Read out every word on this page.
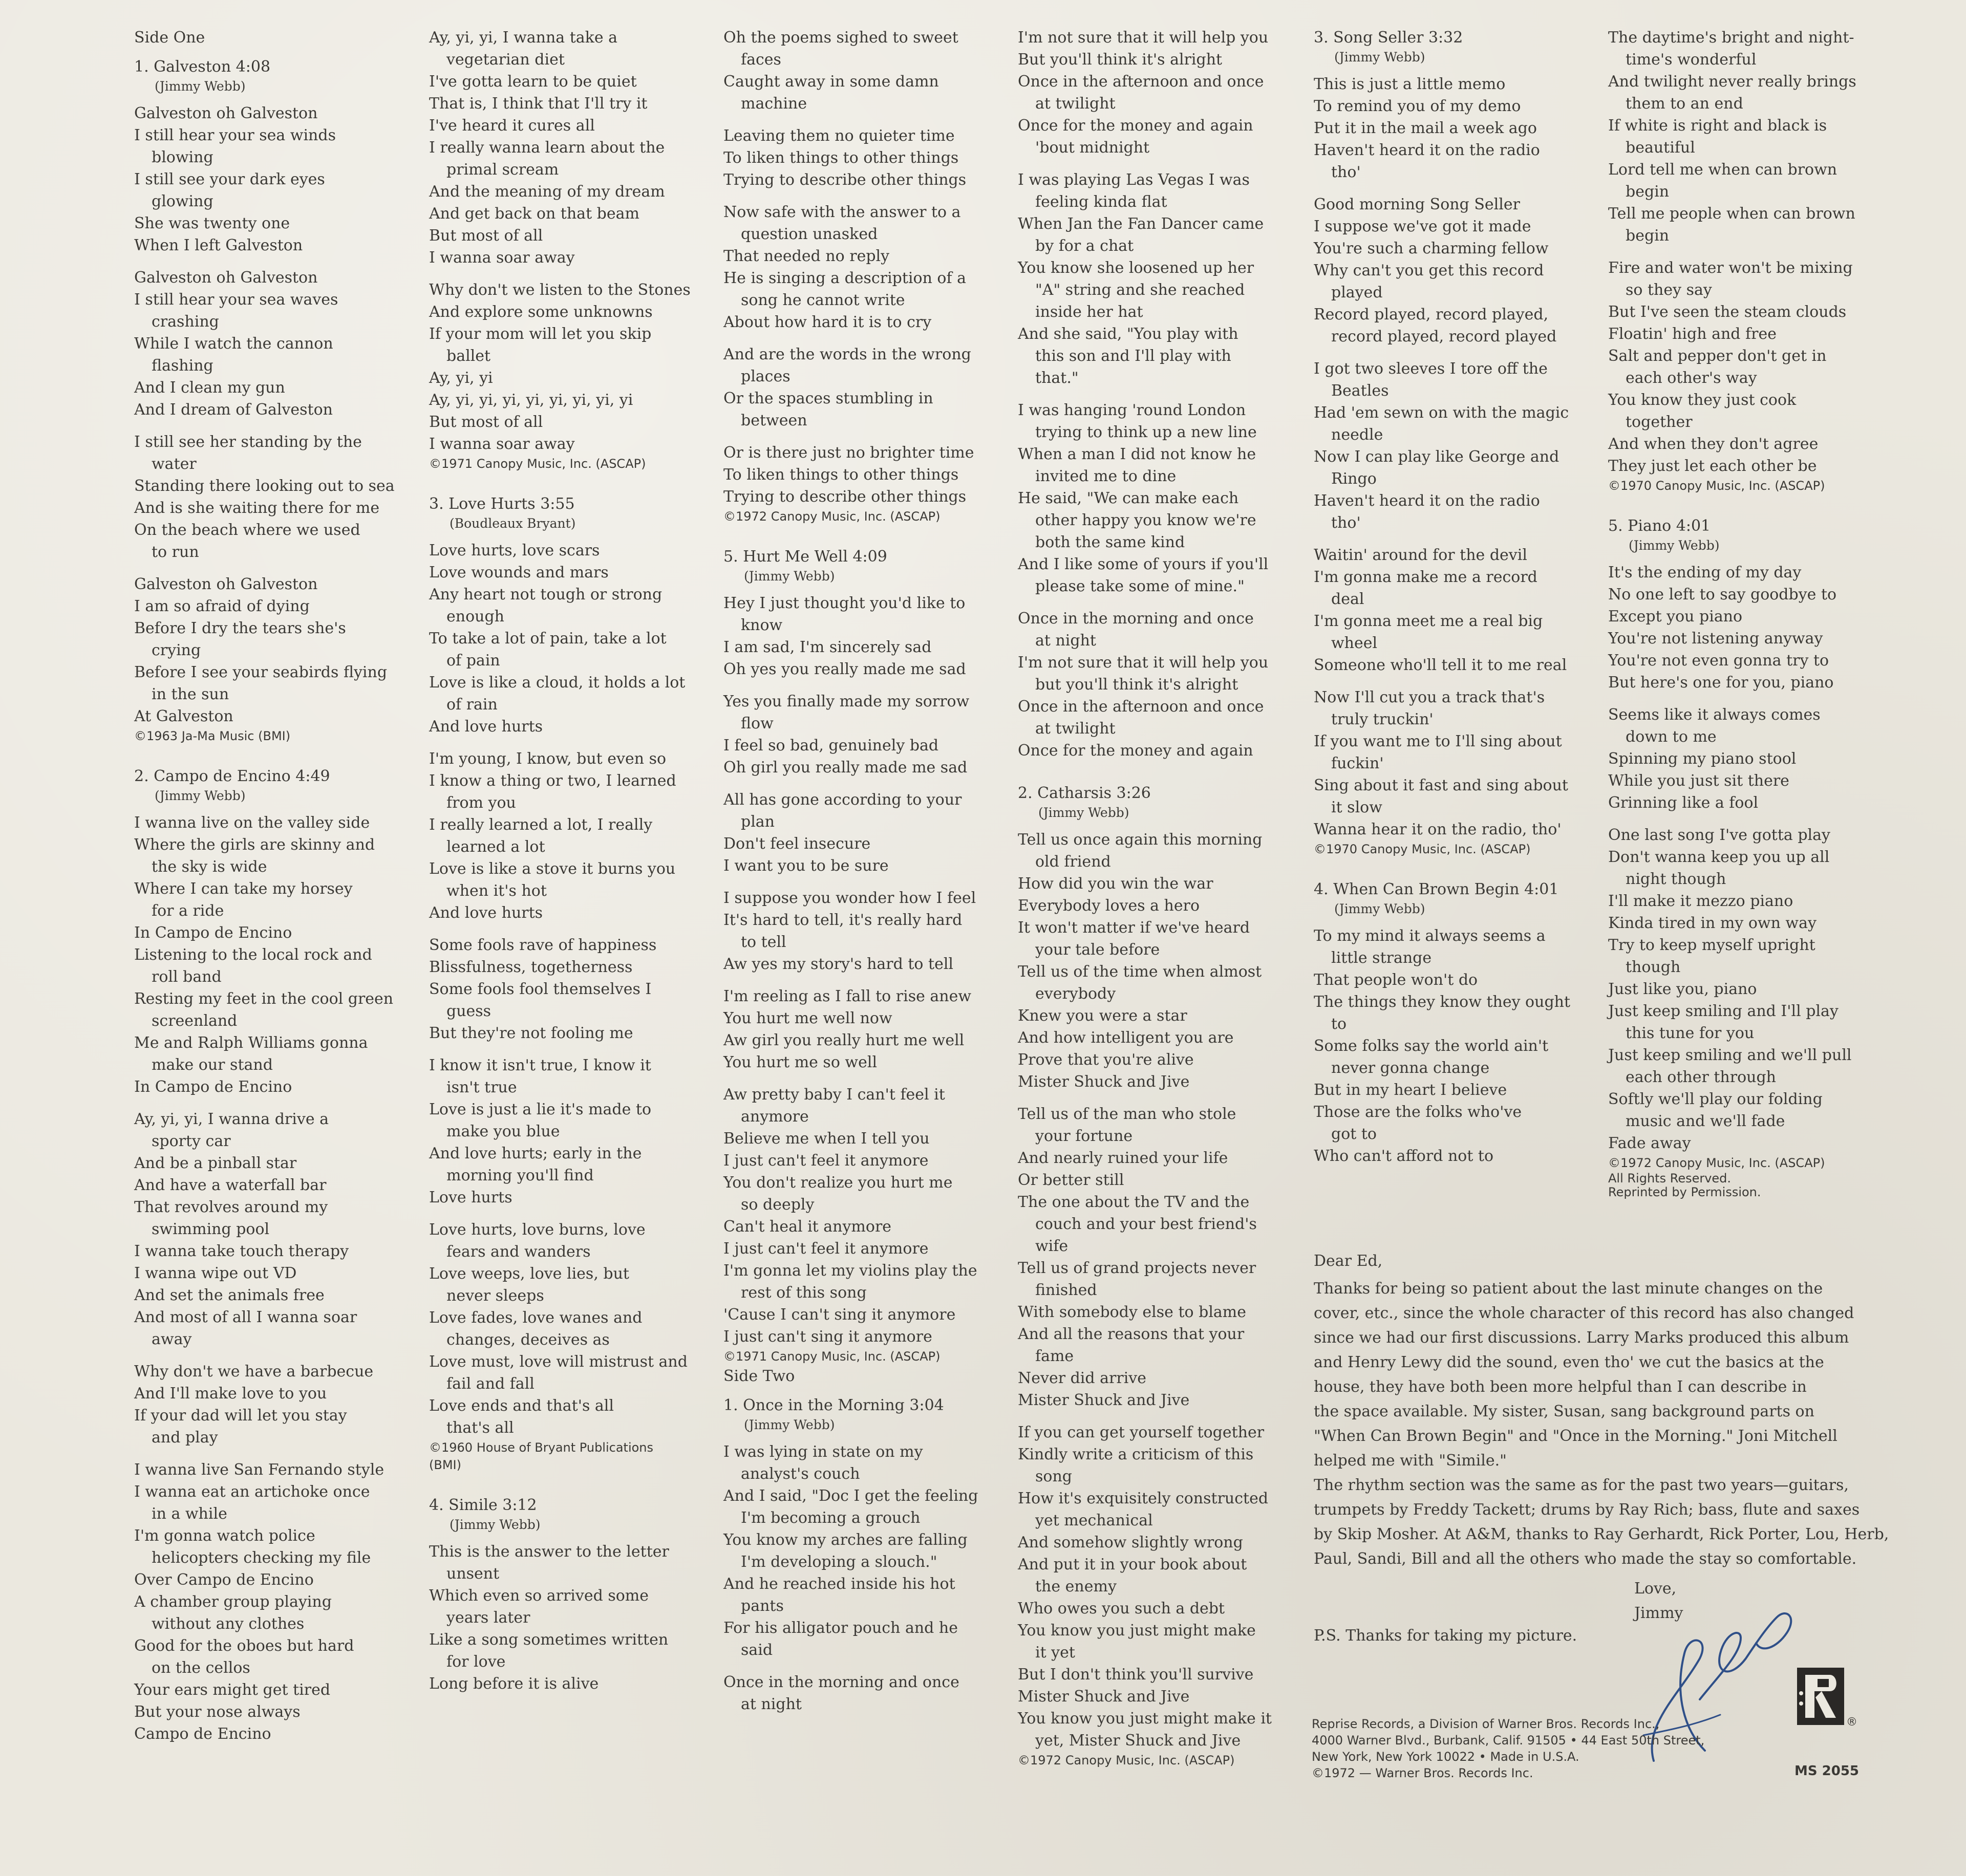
Side One

1. Galveston 4:08

(Jimmy Webb)

Galveston oh Galveston

I still hear your sea winds

blowing

I still see your dark eyes

glowing

She was twenty one

When I left Galveston

Galveston oh Galveston

I still hear your sea waves

crashing

While I watch the cannon

flashing

And I clean my gun

And I dream of Galveston

I still see her standing by the

water

Standing there looking out to sea

And is she waiting there for me

On the beach where we used

to run

Galveston oh Galveston

I am so afraid of dying

Before I dry the tears she's

crying

Before I see your seabirds flying

in the sun

At Galveston

©1963 Ja-Ma Music (BMI)

2. Campo de Encino 4:49

(Jimmy Webb)

I wanna live on the valley side

Where the girls are skinny and

the sky is wide

Where I can take my horsey

for a ride

In Campo de Encino

Listening to the local rock and

roll band

Resting my feet in the cool green

screenland

Me and Ralph Williams gonna

make our stand

In Campo de Encino

Ay, yi, yi, I wanna drive a

sporty car

And be a pinball star

And have a waterfall bar

That revolves around my

swimming pool

I wanna take touch therapy

I wanna wipe out VD

And set the animals free

And most of all I wanna soar

away

Why don't we have a barbecue

And I'll make love to you

If your dad will let you stay

and play

I wanna live San Fernando style

I wanna eat an artichoke once

in a while

I'm gonna watch police

helicopters checking my file

Over Campo de Encino

A chamber group playing

without any clothes

Good for the oboes but hard

on the cellos

Your ears might get tired

But your nose always

Campo de Encino

Ay, yi, yi, I wanna take a

vegetarian diet

I've gotta learn to be quiet

That is, I think that I'll try it

I've heard it cures all

I really wanna learn about the

primal scream

And the meaning of my dream

And get back on that beam

But most of all

I wanna soar away

Why don't we listen to the Stones

And explore some unknowns

If your mom will let you skip

ballet

Ay, yi, yi

Ay, yi, yi, yi, yi, yi, yi, yi, yi

But most of all

I wanna soar away

©1971 Canopy Music, Inc. (ASCAP)

3. Love Hurts 3:55

(Boudleaux Bryant)

Love hurts, love scars

Love wounds and mars

Any heart not tough or strong

enough

To take a lot of pain, take a lot

of pain

Love is like a cloud, it holds a lot

of rain

And love hurts

I'm young, I know, but even so

I know a thing or two, I learned

from you

I really learned a lot, I really

learned a lot

Love is like a stove it burns you

when it's hot

And love hurts

Some fools rave of happiness

Blissfulness, togetherness

Some fools fool themselves I

guess

But they're not fooling me

I know it isn't true, I know it

isn't true

Love is just a lie it's made to

make you blue

And love hurts; early in the

morning you'll find

Love hurts

Love hurts, love burns, love

fears and wanders

Love weeps, love lies, but

never sleeps

Love fades, love wanes and

changes, deceives as

Love must, love will mistrust and

fail and fall

Love ends and that's all

that's all

©1960 House of Bryant Publications

(BMI)

4. Simile 3:12

(Jimmy Webb)

This is the answer to the letter

unsent

Which even so arrived some

years later

Like a song sometimes written

for love

Long before it is alive

Oh the poems sighed to sweet

faces

Caught away in some damn

machine

Leaving them no quieter time

To liken things to other things

Trying to describe other things

Now safe with the answer to a

question unasked

That needed no reply

He is singing a description of a

song he cannot write

About how hard it is to cry

And are the words in the wrong

places

Or the spaces stumbling in

between

Or is there just no brighter time

To liken things to other things

Trying to describe other things

©1972 Canopy Music, Inc. (ASCAP)

5. Hurt Me Well 4:09

(Jimmy Webb)

Hey I just thought you'd like to

know

I am sad, I'm sincerely sad

Oh yes you really made me sad

Yes you finally made my sorrow

flow

I feel so bad, genuinely bad

Oh girl you really made me sad

All has gone according to your

plan

Don't feel insecure

I want you to be sure

I suppose you wonder how I feel

It's hard to tell, it's really hard

to tell

Aw yes my story's hard to tell

I'm reeling as I fall to rise anew

You hurt me well now

Aw girl you really hurt me well

You hurt me so well

Aw pretty baby I can't feel it

anymore

Believe me when I tell you

I just can't feel it anymore

You don't realize you hurt me

so deeply

Can't heal it anymore

I just can't feel it anymore

I'm gonna let my violins play the

rest of this song

'Cause I can't sing it anymore

I just can't sing it anymore

©1971 Canopy Music, Inc. (ASCAP)

Side Two

1. Once in the Morning 3:04

(Jimmy Webb)

I was lying in state on my

analyst's couch

And I said, "Doc I get the feeling

I'm becoming a grouch

You know my arches are falling

I'm developing a slouch."

And he reached inside his hot

pants

For his alligator pouch and he

said

Once in the morning and once

at night

I'm not sure that it will help you

But you'll think it's alright

Once in the afternoon and once

at twilight

Once for the money and again

'bout midnight

I was playing Las Vegas I was

feeling kinda flat

When Jan the Fan Dancer came

by for a chat

You know she loosened up her

"A" string and she reached

inside her hat

And she said, "You play with

this son and I'll play with

that."

I was hanging 'round London

trying to think up a new line

When a man I did not know he

invited me to dine

He said, "We can make each

other happy you know we're

both the same kind

And I like some of yours if you'll

please take some of mine."

Once in the morning and once

at night

I'm not sure that it will help you

but you'll think it's alright

Once in the afternoon and once

at twilight

Once for the money and again

2. Catharsis 3:26

(Jimmy Webb)

Tell us once again this morning

old friend

How did you win the war

Everybody loves a hero

It won't matter if we've heard

your tale before

Tell us of the time when almost

everybody

Knew you were a star

And how intelligent you are

Prove that you're alive

Mister Shuck and Jive

Tell us of the man who stole

your fortune

And nearly ruined your life

Or better still

The one about the TV and the

couch and your best friend's

wife

Tell us of grand projects never

finished

With somebody else to blame

And all the reasons that your

fame

Never did arrive

Mister Shuck and Jive

If you can get yourself together

Kindly write a criticism of this

song

How it's exquisitely constructed

yet mechanical

And somehow slightly wrong

And put it in your book about

the enemy

Who owes you such a debt

You know you just might make

it yet

But I don't think you'll survive

Mister Shuck and Jive

You know you just might make it

yet, Mister Shuck and Jive

©1972 Canopy Music, Inc. (ASCAP)

3. Song Seller 3:32

(Jimmy Webb)

This is just a little memo

To remind you of my demo

Put it in the mail a week ago

Haven't heard it on the radio

tho'

Good morning Song Seller

I suppose we've got it made

You're such a charming fellow

Why can't you get this record

played

Record played, record played,

record played, record played

I got two sleeves I tore off the

Beatles

Had 'em sewn on with the magic

needle

Now I can play like George and

Ringo

Haven't heard it on the radio

tho'

Waitin' around for the devil

I'm gonna make me a record

deal

I'm gonna meet me a real big

wheel

Someone who'll tell it to me real

Now I'll cut you a track that's

truly truckin'

If you want me to I'll sing about

fuckin'

Sing about it fast and sing about

it slow

Wanna hear it on the radio, tho'

©1970 Canopy Music, Inc. (ASCAP)

4. When Can Brown Begin 4:01

(Jimmy Webb)

To my mind it always seems a

little strange

That people won't do

The things they know they ought

to

Some folks say the world ain't

never gonna change

But in my heart I believe

Those are the folks who've

got to

Who can't afford not to

The daytime's bright and night-

time's wonderful

And twilight never really brings

them to an end

If white is right and black is

beautiful

Lord tell me when can brown

begin

Tell me people when can brown

begin

Fire and water won't be mixing

so they say

But I've seen the steam clouds

Floatin' high and free

Salt and pepper don't get in

each other's way

You know they just cook

together

And when they don't agree

They just let each other be

©1970 Canopy Music, Inc. (ASCAP)

5. Piano 4:01

(Jimmy Webb)

It's the ending of my day

No one left to say goodbye to

Except you piano

You're not listening anyway

You're not even gonna try to

But here's one for you, piano

Seems like it always comes

down to me

Spinning my piano stool

While you just sit there

Grinning like a fool

One last song I've gotta play

Don't wanna keep you up all

night though

I'll make it mezzo piano

Kinda tired in my own way

Try to keep myself upright

though

Just like you, piano

Just keep smiling and I'll play

this tune for you

Just keep smiling and we'll pull

each other through

Softly we'll play our folding

music and we'll fade

Fade away

©1972 Canopy Music, Inc. (ASCAP)

All Rights Reserved.

Reprinted by Permission.

Dear Ed,

Thanks for being so patient about the last minute changes on the

cover, etc., since the whole character of this record has also changed

since we had our first discussions. Larry Marks produced this album

and Henry Lewy did the sound, even tho' we cut the basics at the

house, they have both been more helpful than I can describe in

the space available. My sister, Susan, sang background parts on

"When Can Brown Begin" and "Once in the Morning." Joni Mitchell

helped me with "Simile."

The rhythm section was the same as for the past two years—guitars,

trumpets by Freddy Tackett; drums by Ray Rich; bass, flute and saxes

by Skip Mosher. At A&M, thanks to Ray Gerhardt, Rick Porter, Lou, Herb,

Paul, Sandi, Bill and all the others who made the stay so comfortable.

Love,

Jimmy

P.S. Thanks for taking my picture.
®

Reprise Records, a Division of Warner Bros. Records Inc.,

4000 Warner Blvd., Burbank, Calif. 91505 • 44 East 50th Street,

New York, New York 10022 • Made in U.S.A.

©1972 — Warner Bros. Records Inc.	MS 2055
